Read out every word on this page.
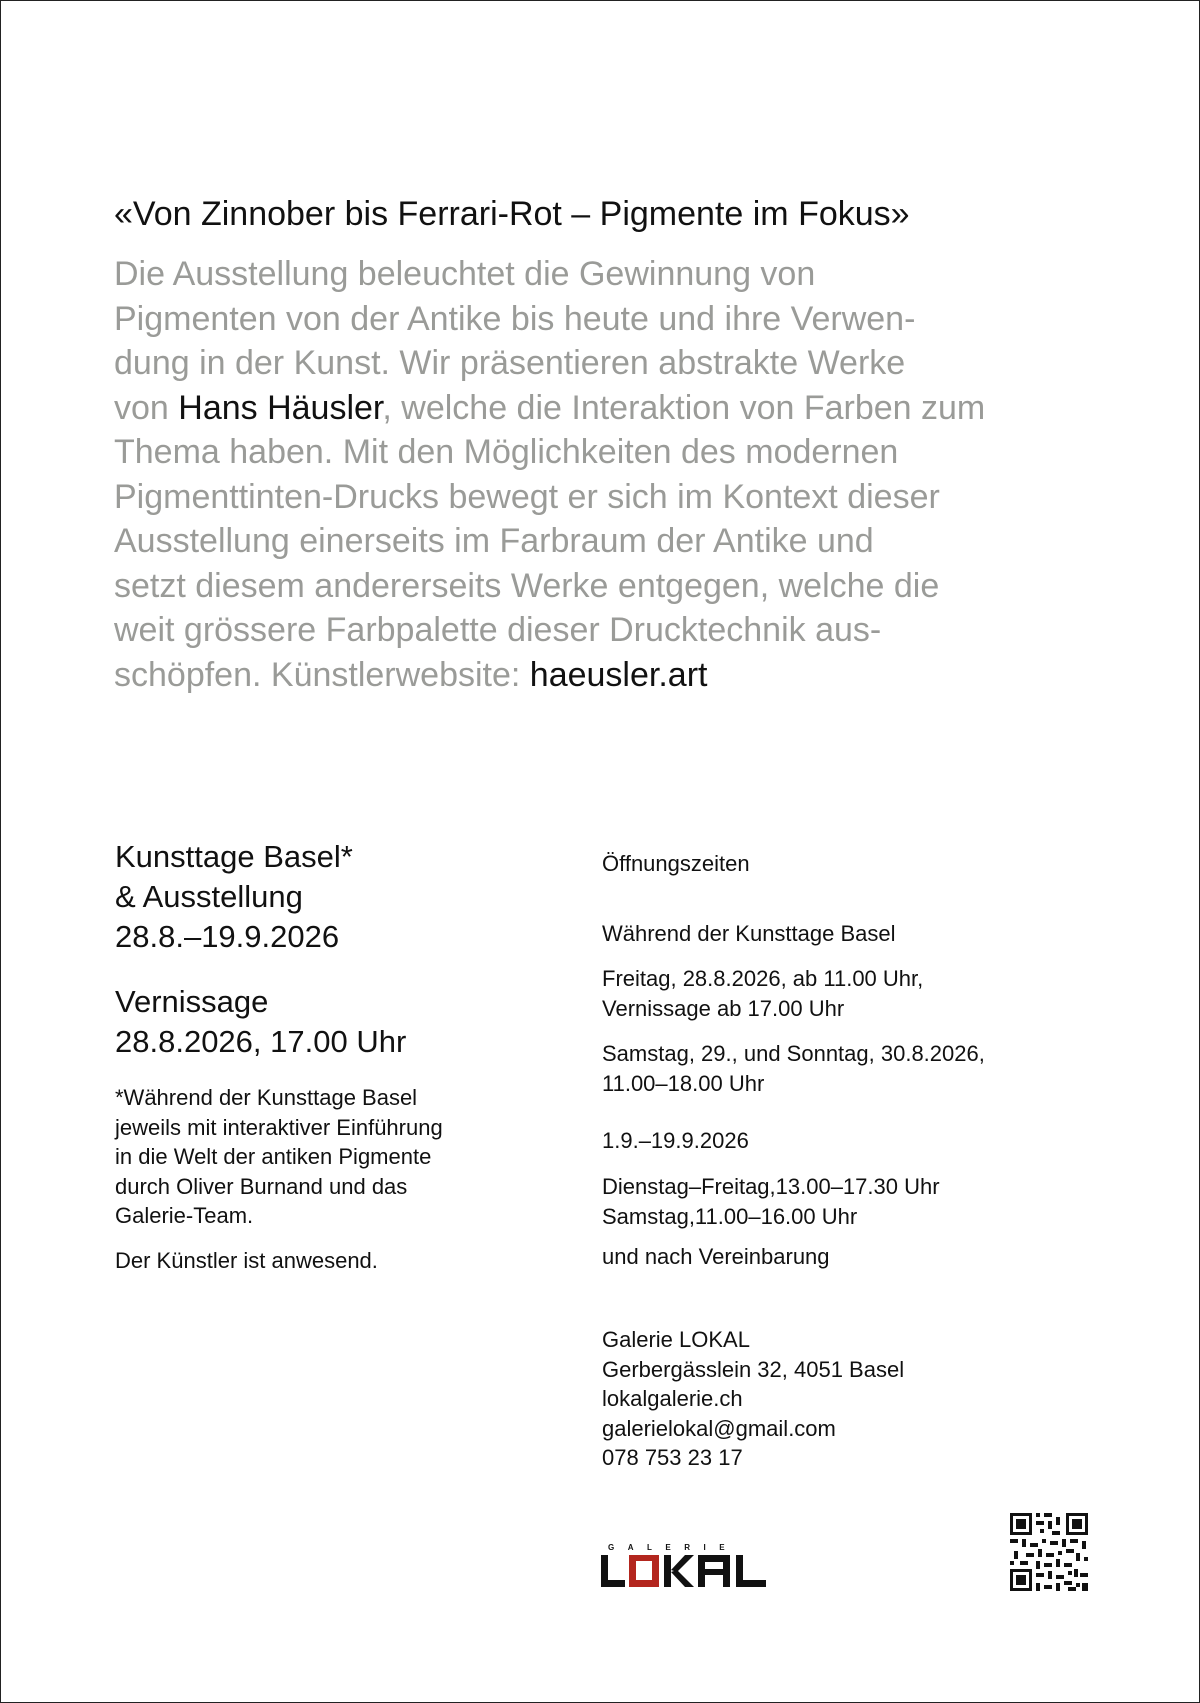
«Von Zinnober bis Ferrari-Rot – Pigmente im Fokus»
Die Ausstellung beleuchtet die Gewinnung von
Pigmenten von der Antike bis heute und ihre Verwen-
dung in der Kunst. Wir präsentieren abstrakte Werke
von Hans Häusler, welche die Interaktion von Farben zum
Thema haben. Mit den Möglichkeiten des modernen
Pigmenttinten-Drucks bewegt er sich im Kontext dieser
Ausstellung einerseits im Farbraum der Antike und
setzt diesem andererseits Werke entgegen, welche die
weit grössere Farbpalette dieser Drucktechnik aus-
schöpfen. Künstlerwebsite: haeusler.art
Kunsttage Basel*
& Ausstellung
28.8.–19.9.2026
Vernissage
28.8.2026, 17.00 Uhr
*Während der Kunsttage Basel
jeweils mit interaktiver Einführung
in die Welt der antiken Pigmente
durch Oliver Burnand und das
Galerie-Team.
Der Künstler ist anwesend.
Öffnungszeiten
Während der Kunsttage Basel
Freitag, 28.8.2026, ab 11.00 Uhr,
Vernissage ab 17.00 Uhr
Samstag, 29., und Sonntag, 30.8.2026,
11.00–18.00 Uhr
1.9.–19.9.2026
Dienstag–Freitag,13.00–17.30 Uhr
Samstag,11.00–16.00 Uhr
und nach Vereinbarung
Galerie LOKAL
Gerbergässlein 32, 4051 Basel
lokalgalerie.ch
galerielokal@gmail.com
078 753 23 17
GALERIE
